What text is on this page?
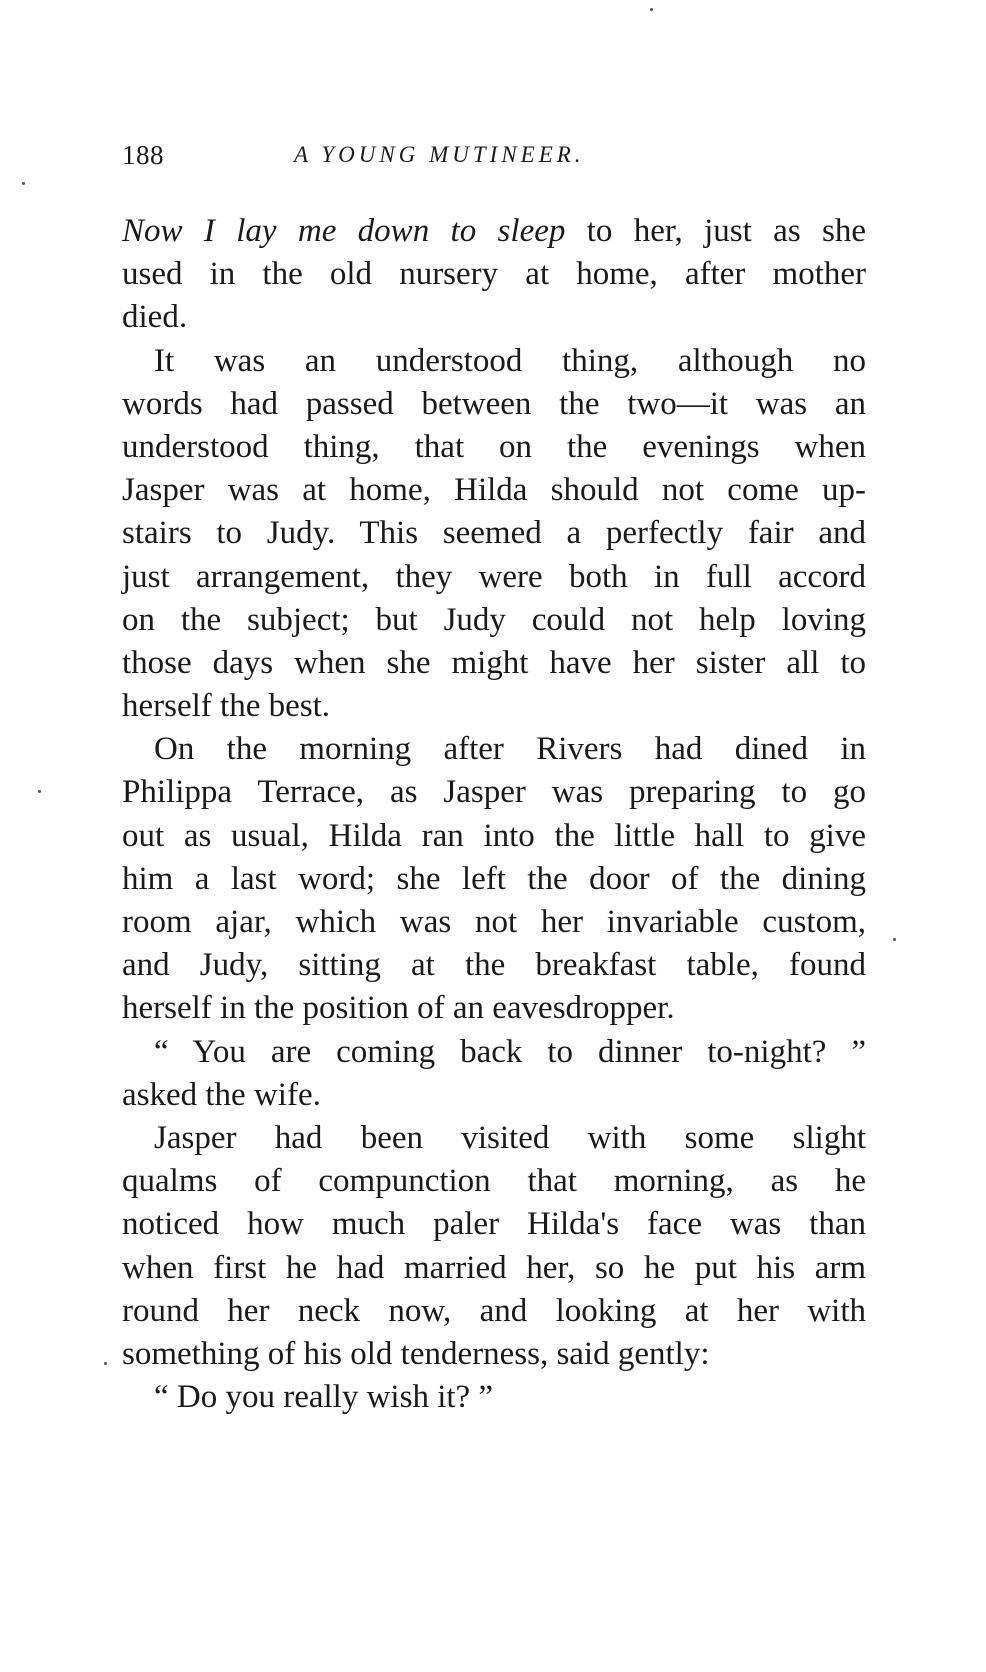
188	A YOUNG MUTINEER.
Now I lay me down to sleep to her, just as she
used in the old nursery at home, after mother
died.
It was an understood thing, although no
words had passed between the two—it was an
understood thing, that on the evenings when
Jasper was at home, Hilda should not come up-
stairs to Judy. This seemed a perfectly fair and
just arrangement, they were both in full accord
on the subject; but Judy could not help loving
those days when she might have her sister all to
herself the best.
On the morning after Rivers had dined in
Philippa Terrace, as Jasper was preparing to go
out as usual, Hilda ran into the little hall to give
him a last word; she left the door of the dining
room ajar, which was not her invariable custom,
and Judy, sitting at the breakfast table, found
herself in the position of an eavesdropper.
“ You are coming back to dinner to-night? ”
asked the wife.
Jasper had been visited with some slight
qualms of compunction that morning, as he
noticed how much paler Hilda's face was than
when first he had married her, so he put his arm
round her neck now, and looking at her with
something of his old tenderness, said gently:
“ Do you really wish it? ”
